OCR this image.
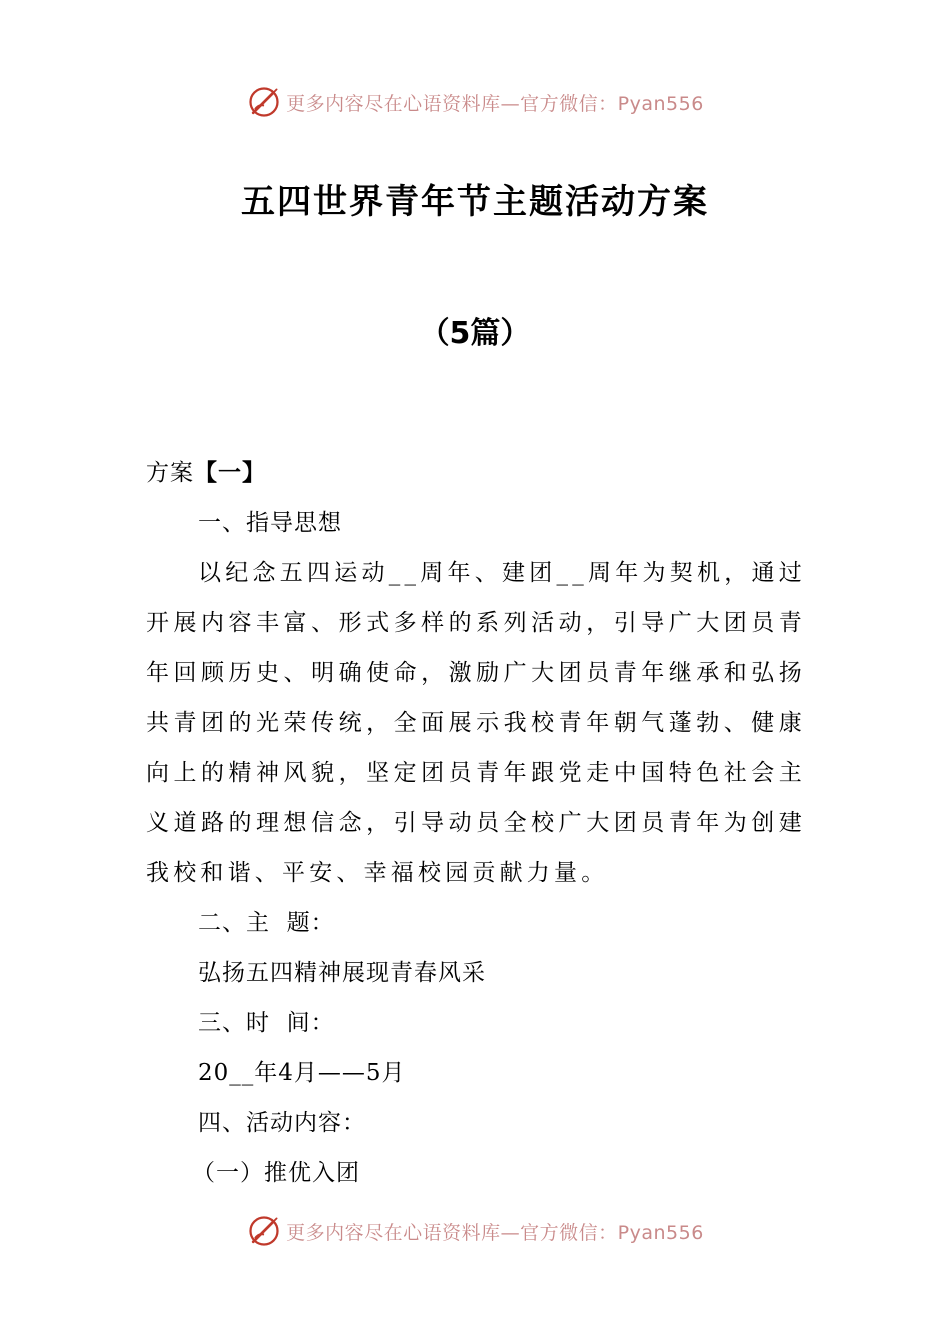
更多内容尽在心语资料库—官方微信：Pyan556
五四世界青年节主题活动方案
（5篇）
方案【一】
一、指导思想
以纪念五四运动__周年、建团__周年为契机，通过开展内容丰富、形式多样的系列活动，引导广大团员青年回顾历史、明确使命，激励广大团员青年继承和弘扬共青团的光荣传统，全面展示我校青年朝气蓬勃、健康向上的精神风貌，坚定团员青年跟党走中国特色社会主义道路的理想信念，引导动员全校广大团员青年为创建我校和谐、平安、幸福校园贡献力量。
二、主  题：
弘扬五四精神展现青春风采
三、时  间：
20__年4月——5月
四、活动内容：
（一）推优入团
更多内容尽在心语资料库—官方微信：Pyan556
